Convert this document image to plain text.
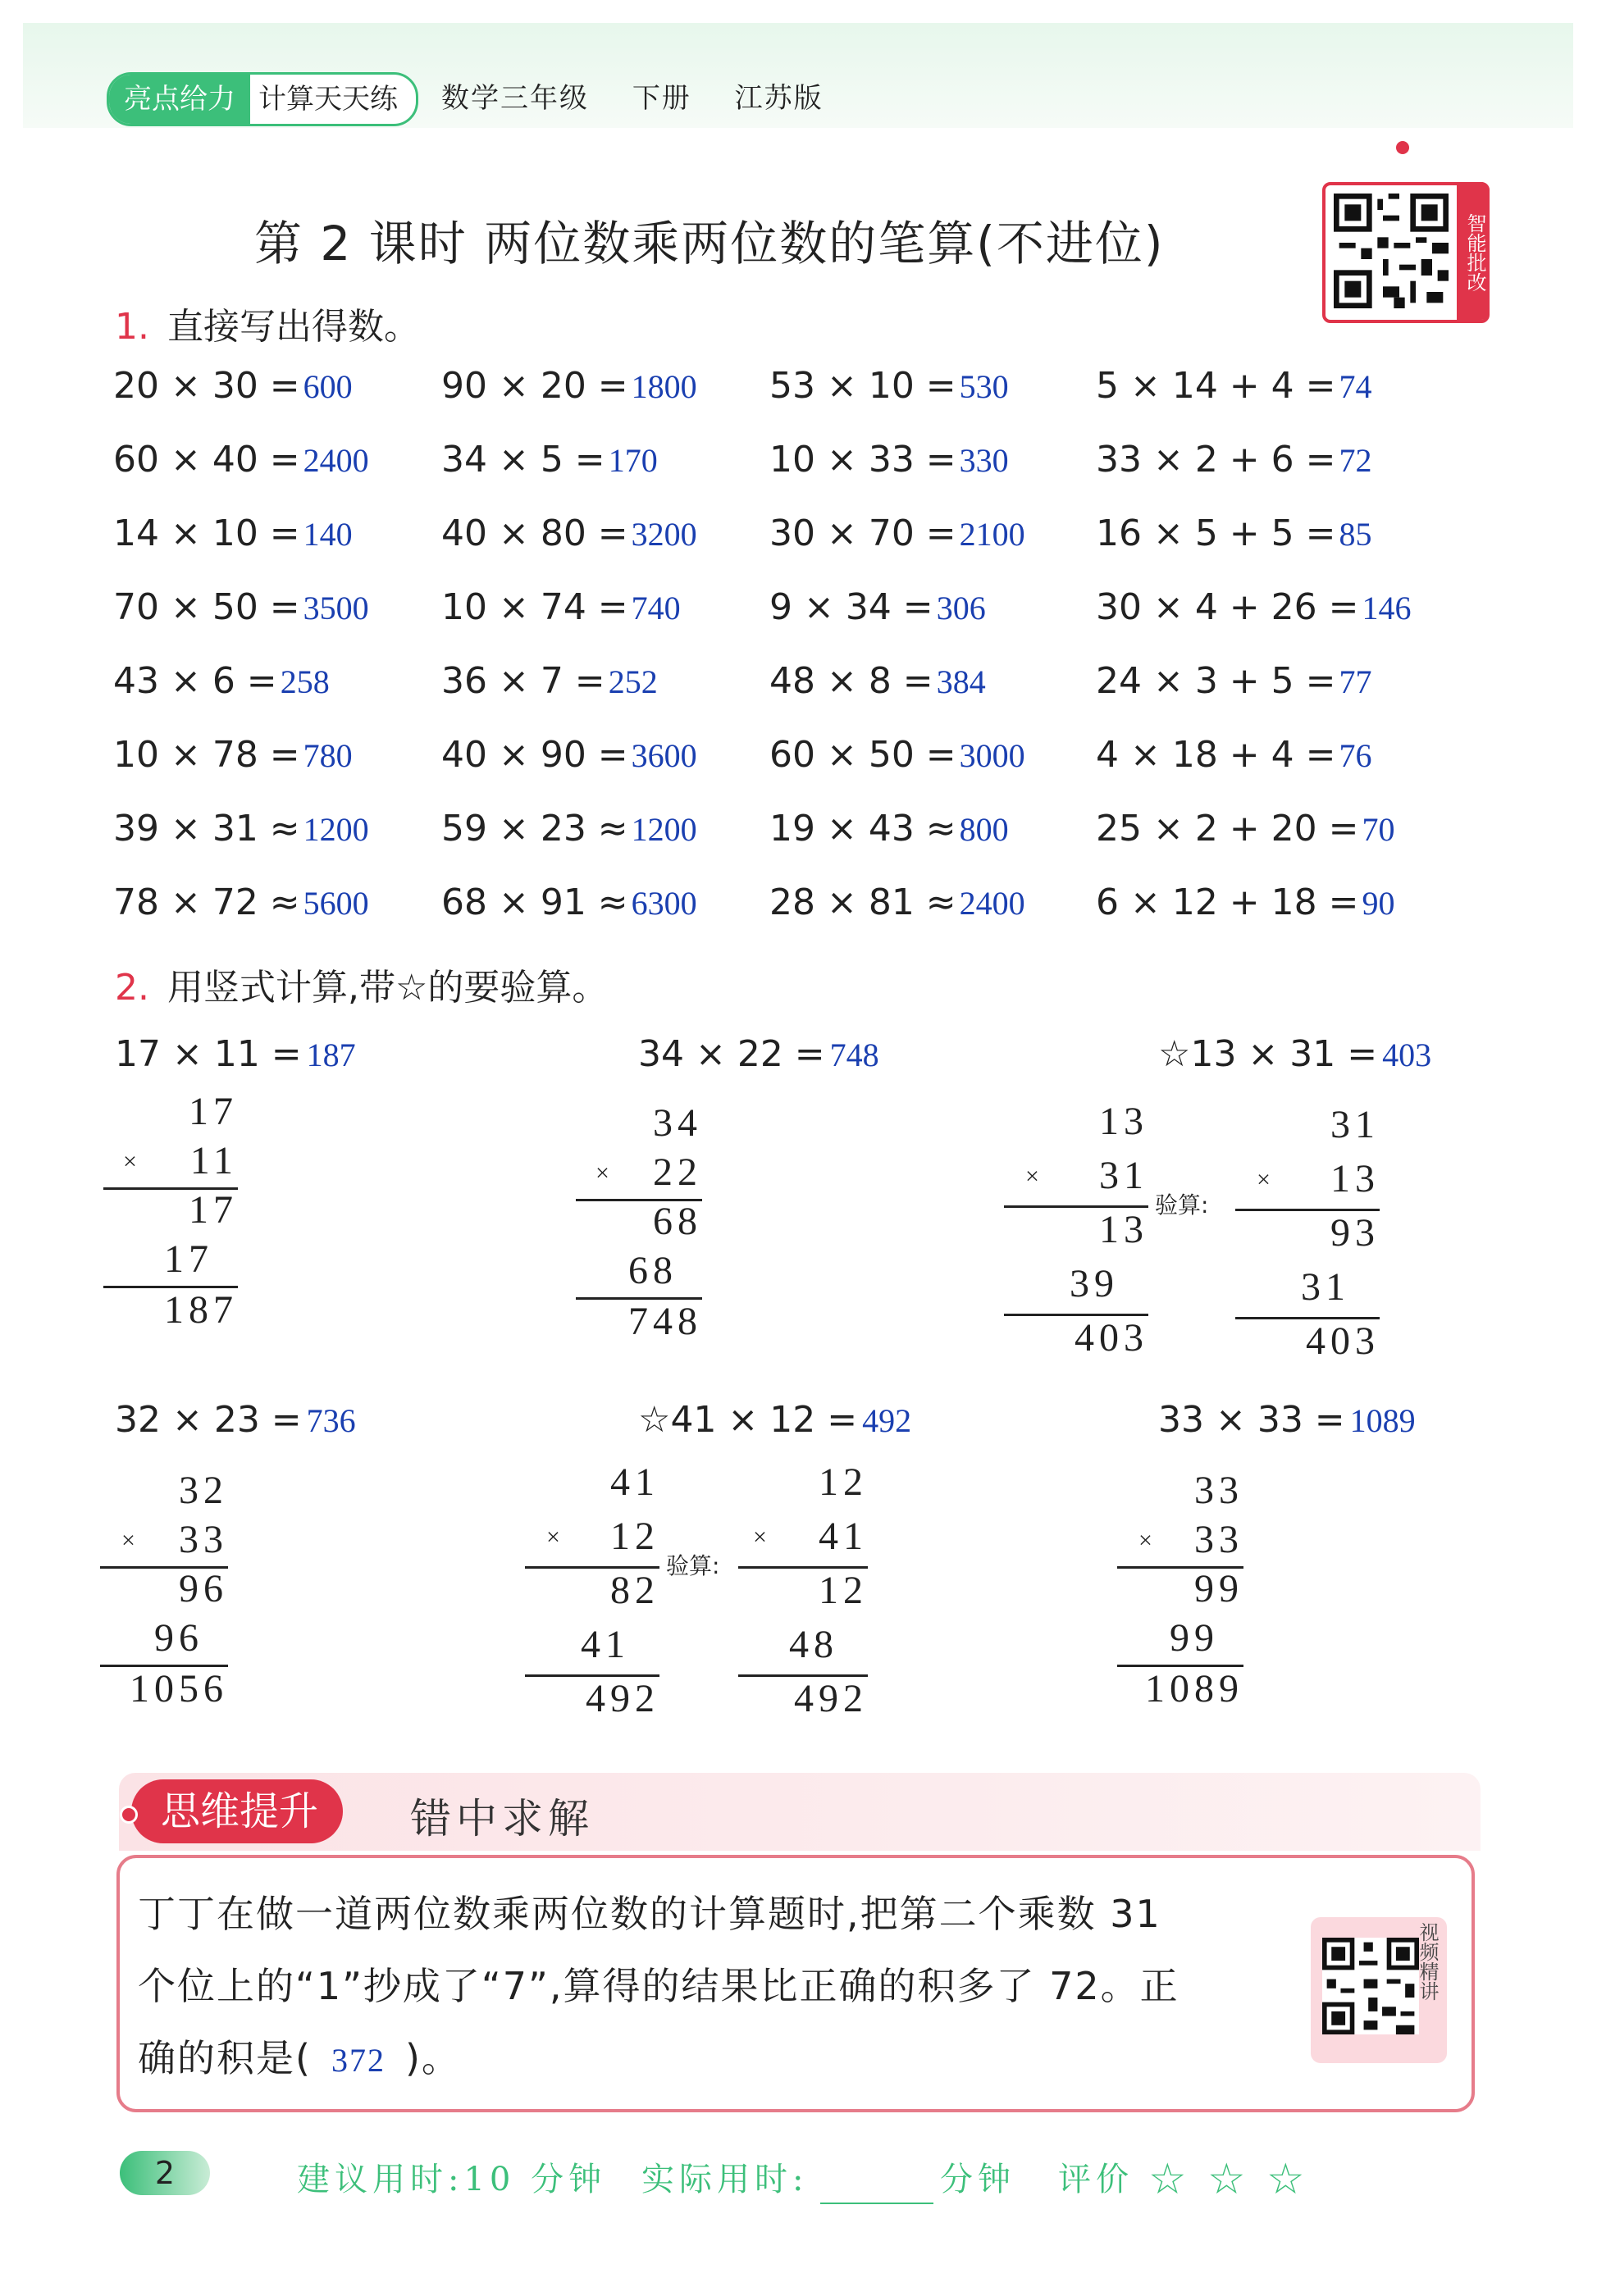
亮点给力 计算天天练	数学三年级 下册 江苏版
第 2 课时 两位数乘两位数的笔算(不进位)	智能批改
1. 直接写出得数。
20 × 30 = 600 90 × 20 = 1800 53 × 10 = 530 5 × 14 + 4 = 74
60 × 40 = 2400 34 × 5 = 170	10 × 33 = 330 33 × 2 + 6 = 72
14 × 10 = 140 40 × 80 = 3200 30 × 70 = 2100 16 × 5 + 5 = 85
70 × 50 = 3500 10 × 74 = 740 9 × 34 = 306	30 × 4 + 26 = 146
43 × 6 = 258	36 × 7 = 252	48 × 8 = 384	24 × 3 + 5 = 77
10 × 78 = 780 40 × 90 = 3600 60 × 50 = 3000 4 × 18 + 4 = 76
39 × 31 ≈ 1200 59 × 23 ≈ 1200 19 × 43 ≈ 800 25 × 2 + 20 = 70
78 × 72 ≈ 5600 68 × 91 ≈ 6300 28 × 81 ≈ 2400 6 × 12 + 18 = 90
2. 用竖式计算,带☆的要验算。
17 × 11 = 187	34 × 22 = 748	☆13 × 31 = 403
32 × 23 = 736	☆41 × 12 = 492	33 × 33 = 1089
17
× 11
17
17
187
34
× 22
68
68
748
13
× 31
13
39
403
验算:
31
× 13
93
31
403
32
× 33
96
96
1056
41
× 12
82
41
492
验算:
12
× 41
12
48
492
33
× 33
99
99
1089
思维提升	错中求解
丁丁在做一道两位数乘两位数的计算题时,把第二个乘数 31
个位上的“1”抄成了“7”,算得的结果比正确的积多了 72。正
确的积是( 372 )。
视频精讲
2	建议用时:10 分钟 实际用时:	分钟 评价 ☆ ☆ ☆
